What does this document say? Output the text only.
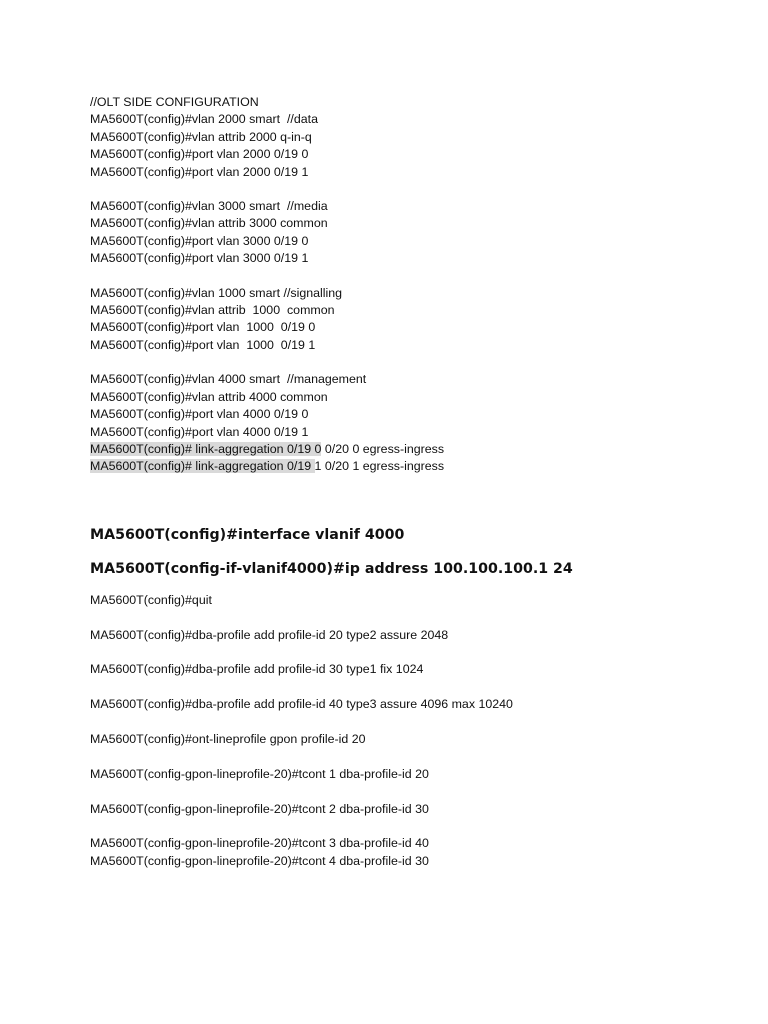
//OLT SIDE CONFIGURATION
MA5600T(config)#vlan 2000 smart  //data
MA5600T(config)#vlan attrib 2000 q-in-q
MA5600T(config)#port vlan 2000 0/19 0
MA5600T(config)#port vlan 2000 0/19 1
MA5600T(config)#vlan 3000 smart  //media
MA5600T(config)#vlan attrib 3000 common
MA5600T(config)#port vlan 3000 0/19 0
MA5600T(config)#port vlan 3000 0/19 1
MA5600T(config)#vlan 1000 smart //signalling
MA5600T(config)#vlan attrib  1000  common
MA5600T(config)#port vlan  1000  0/19 0
MA5600T(config)#port vlan  1000  0/19 1
MA5600T(config)#vlan 4000 smart  //management
MA5600T(config)#vlan attrib 4000 common
MA5600T(config)#port vlan 4000 0/19 0
MA5600T(config)#port vlan 4000 0/19 1
MA5600T(config)# link-aggregation 0/19 0 0/20 0 egress-ingress
MA5600T(config)# link-aggregation 0/19 1 0/20 1 egress-ingress
MA5600T(config)#interface vlanif 4000
MA5600T(config-if-vlanif4000)#ip address 100.100.100.1 24
MA5600T(config)#quit
MA5600T(config)#dba-profile add profile-id 20 type2 assure 2048
MA5600T(config)#dba-profile add profile-id 30 type1 fix 1024
MA5600T(config)#dba-profile add profile-id 40 type3 assure 4096 max 10240
MA5600T(config)#ont-lineprofile gpon profile-id 20
MA5600T(config-gpon-lineprofile-20)#tcont 1 dba-profile-id 20
MA5600T(config-gpon-lineprofile-20)#tcont 2 dba-profile-id 30
MA5600T(config-gpon-lineprofile-20)#tcont 3 dba-profile-id 40
MA5600T(config-gpon-lineprofile-20)#tcont 4 dba-profile-id 30
